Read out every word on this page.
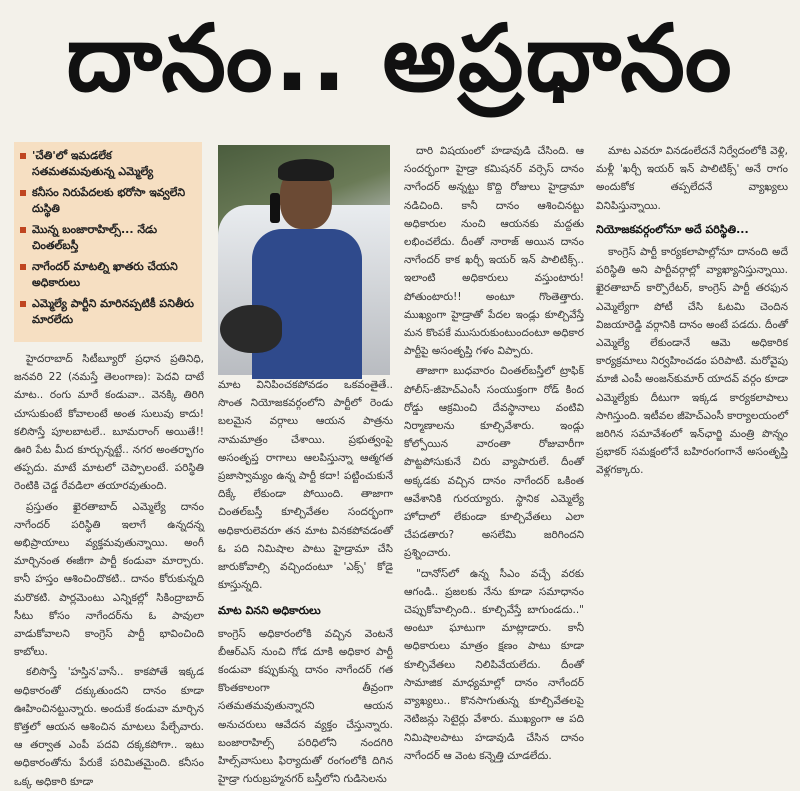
దానం.. అప్రధానం
'చేతి'లో ఇమడలేక సతమతమవుతున్న ఎమ్మెల్యే
కనీసం నిరుపేదలకు భరోసా ఇవ్వలేని దుస్థితి
మొన్న బంజారాహిల్స్... నేడు చింతల్‌బస్తీ
నాగేందర్ మాటల్ని ఖాతరు చేయని అధికారులు
ఎమ్మెల్యే పార్టీని మారినప్పటికీ పనితీరు మారలేదు

హైదరాబాద్ సిటీబ్యూరో ప్రధాన ప్రతినిధి, జనవరి 22 (నమస్తే తెలంగాణ): పెదవి దాటే మాట.. రంగు మారే కండువా.. వెనక్కి తిరిగి చూసుకుంటే కోవాలంటే అంత సులువు కాదు! కలిసొస్తే పూలబాటలే.. బూమరాంగ్ అయితే!! ఊరి పేట మీద కూర్చున్నట్టే.. నగర అంతర్భాగం తప్పదు. మాటే మాటలో చెప్పాలంటే. పరిస్థితి రెంటికి చెడ్డ రేవడిలా తయారవుతుంది.

ప్రస్తుతం ఖైరతాబాద్ ఎమ్మెల్యే దానం నాగేందర్ పరిస్థితి ఇలాగే ఉన్నదన్న అభిప్రాయాలు వ్యక్తమవుతున్నాయి. అంగీ మార్చినంత ఈజీగా పార్టీ కండువా మార్చారు. కానీ హస్తం ఆశించిందొకటి.. దానం కోరుకున్నది మరొకటి. పార్లమెంటు ఎన్నికల్లో సికింద్రాబాద్ సీటు కోసం నాగేందర్‌ను ఓ పావులా వాడుకోవాలని కాంగ్రెస్ పార్టీ భావించింది కాబోలు.

కలిసొస్తే 'హస్తిన'వాసే.. కాకపోతే ఇక్కడ అధికారంతో దక్కుతుందని దానం కూడా ఊహించినట్టున్నారు. అందుకే కండువా మార్చిన కొత్తలో ఆయన ఆశించిన మాటలు పేల్చేవారు. ఆ తర్వాత ఎంపీ పదవి దక్కకపోగా.. ఇటు అధికారంతోను పేరుకే పరిమితమైంది. కనీసం ఒక్క అధికారి కూడా

మాట వినిపించకపోవడం ఒకవంతైతే.. సొంత నియోజకవర్గంలోని పార్టీలో రెండు బలమైన వర్గాలు ఆయన పాత్రను నామమాత్రం చేశాయి. ప్రభుత్వంపై అసంతృప్త రాగాలు ఆలపిస్తున్నా ఆత్మగత ప్రజాస్వామ్యం ఉన్న పార్టీ కదా! పట్టించుకునే దిక్కే లేకుండా పోయింది. తాజాగా చింతల్‌బస్తీ కూల్చివేతల సందర్భంగా అధికారులెవరూ తన మాట వినకపోవడంతో ఓ పది నిమిషాల పాటు హైడ్రామా చేసి జారుకోవాల్సి వచ్చిందంటూ 'ఎక్స్' కోడై కూస్తున్నది.

మాట వినని అధికారులు

కాంగ్రెస్ అధికారంలోకి వచ్చిన వెంటనే బీఆర్ఎస్ నుంచి గోడ దూకి అధికార పార్టీ కండువా కప్పుకున్న దానం నాగేందర్ గత కొంతకాలంగా తీవ్రంగా సతమతమవుతున్నారని ఆయన అనుచరులు ఆవేదన వ్యక్తం చేస్తున్నారు. బంజారాహిల్స్ పరిధిలోని నందగిరి హిల్స్‌వాసులు ఫిర్యాదుతో రంగంలోకి దిగిన హైడ్రా గురుబ్రహ్మనగర్ బస్తీలోని గుడిసెలను

దారి విషయంలో హడావుడి చేసింది. ఆ సందర్భంగా హైడ్రా కమిషనర్ వర్సెస్ దానం నాగేందర్ అన్నట్టు కొద్ది రోజులు హైడ్రామా నడిచింది. కానీ దానం ఆశించినట్టు అధికారుల నుంచి ఆయనకు మద్దతు లభించలేదు. దీంతో నారాజ్ అయిన దానం నాగేందర్ కాక ఖర్చీ ఇయర్ ఇన్ పాలిటిక్స్.. ఇలాంటి అధికారులు వస్తుంటారు! పోతుంటారు!! అంటూ గొంతెత్తారు. ముఖ్యంగా హైడ్రాతో పేదల ఇండ్లు కూల్చివేస్తే మన కొంపకే ముసురుకుంటుందంటూ అధికార పార్టీపై అసంతృప్తి గళం విప్పారు.

తాజాగా బుధవారం చింతల్‌బస్తీలో ట్రాఫిక్ పోలీస్-జీహెచ్ఎంసీ సంయుక్తంగా రోడ్ కింద రోడ్డు ఆక్రమించి దేవస్థానాలు వంటివి నిర్మాణాలను కూల్చివేశారు. ఇండ్లు కోల్పోయిన వారంతా రోజువారీగా పొట్టపోసుకునే చిరు వ్యాపారులే. దీంతో అక్కడకు వచ్చిన దానం నాగేందర్ ఒకింత ఆవేశానికి గురయ్యారు. స్థానిక ఎమ్మెల్యే హోదాలో లేకుండా కూల్చివేతలు ఎలా చేపడతారు? అసలేమి జరిగిందని ప్రశ్నించారు.

"దానోస్‌లో ఉన్న సీఎం వచ్చే వరకు ఆగండి.. ప్రజలకు నేను కూడా సమాధానం చెప్పుకోవాల్సింది.. కూల్చివేస్తే బాగుండదు.." అంటూ ఘాటుగా మాట్లాడారు. కానీ అధికారులు మాత్రం క్షణం పాటు కూడా కూల్చివేతలు నిలిపివేయలేదు. దీంతో సామాజిక మాధ్యమాల్లో దానం నాగేందర్ వ్యాఖ్యలు.. కొనసాగుతున్న కూల్చివేతలపై నెటిజన్లు సెటైర్లు వేశారు. ముఖ్యంగా ఆ పది నిమిషాలపాటు హడావుడి చేసిన దానం నాగేందర్ ఆ వెంట కన్నెత్తి చూడలేదు.

మాట ఎవరూ వినడంలేదనే నిర్వేదంలోకి వెళ్లి, మళ్లీ 'ఖర్చీ ఇయర్ ఇన్ పాలిటిక్స్' అనే రాగం అందుకోక తప్పలేదనే వ్యాఖ్యలు వినిపిస్తున్నాయి.

నియోజకవర్గంలోనూ అదే పరిస్థితి...

కాంగ్రెస్ పార్టీ కార్యకలాపాల్లోనూ దానంది అదే పరిస్థితి అని పార్టీవర్గాల్లో వ్యాఖ్యానిస్తున్నాయి. ఖైరతాబాద్ కార్పొరేటర్, కాంగ్రెస్ పార్టీ తరఫున ఎమ్మెల్యేగా పోటీ చేసి ఓటమి చెందిన విజయారెడ్డి వర్గానికి దానం అంటే పడదు. దీంతో ఎమ్మెల్యే లేకుండానే ఆమె అధికారిక కార్యక్రమాలు నిర్వహించడం పరిపాటి. మరోవైపు మాజీ ఎంపీ అంజన్‌కుమార్ యాదవ్ వర్గం కూడా ఎమ్మెల్యేకు దీటుగా ఇక్కడ కార్యకలాపాలు సాగిస్తుంది. ఇటీవల జీహెచ్ఎంసీ కార్యాలయంలో జరిగిన సమావేశంలో ఇన్‌ఛార్జి మంత్రి పొన్నం ప్రభాకర్ సమక్షంలోనే బహిరంగంగానే అసంతృప్తి వెళ్లగక్కారు.
